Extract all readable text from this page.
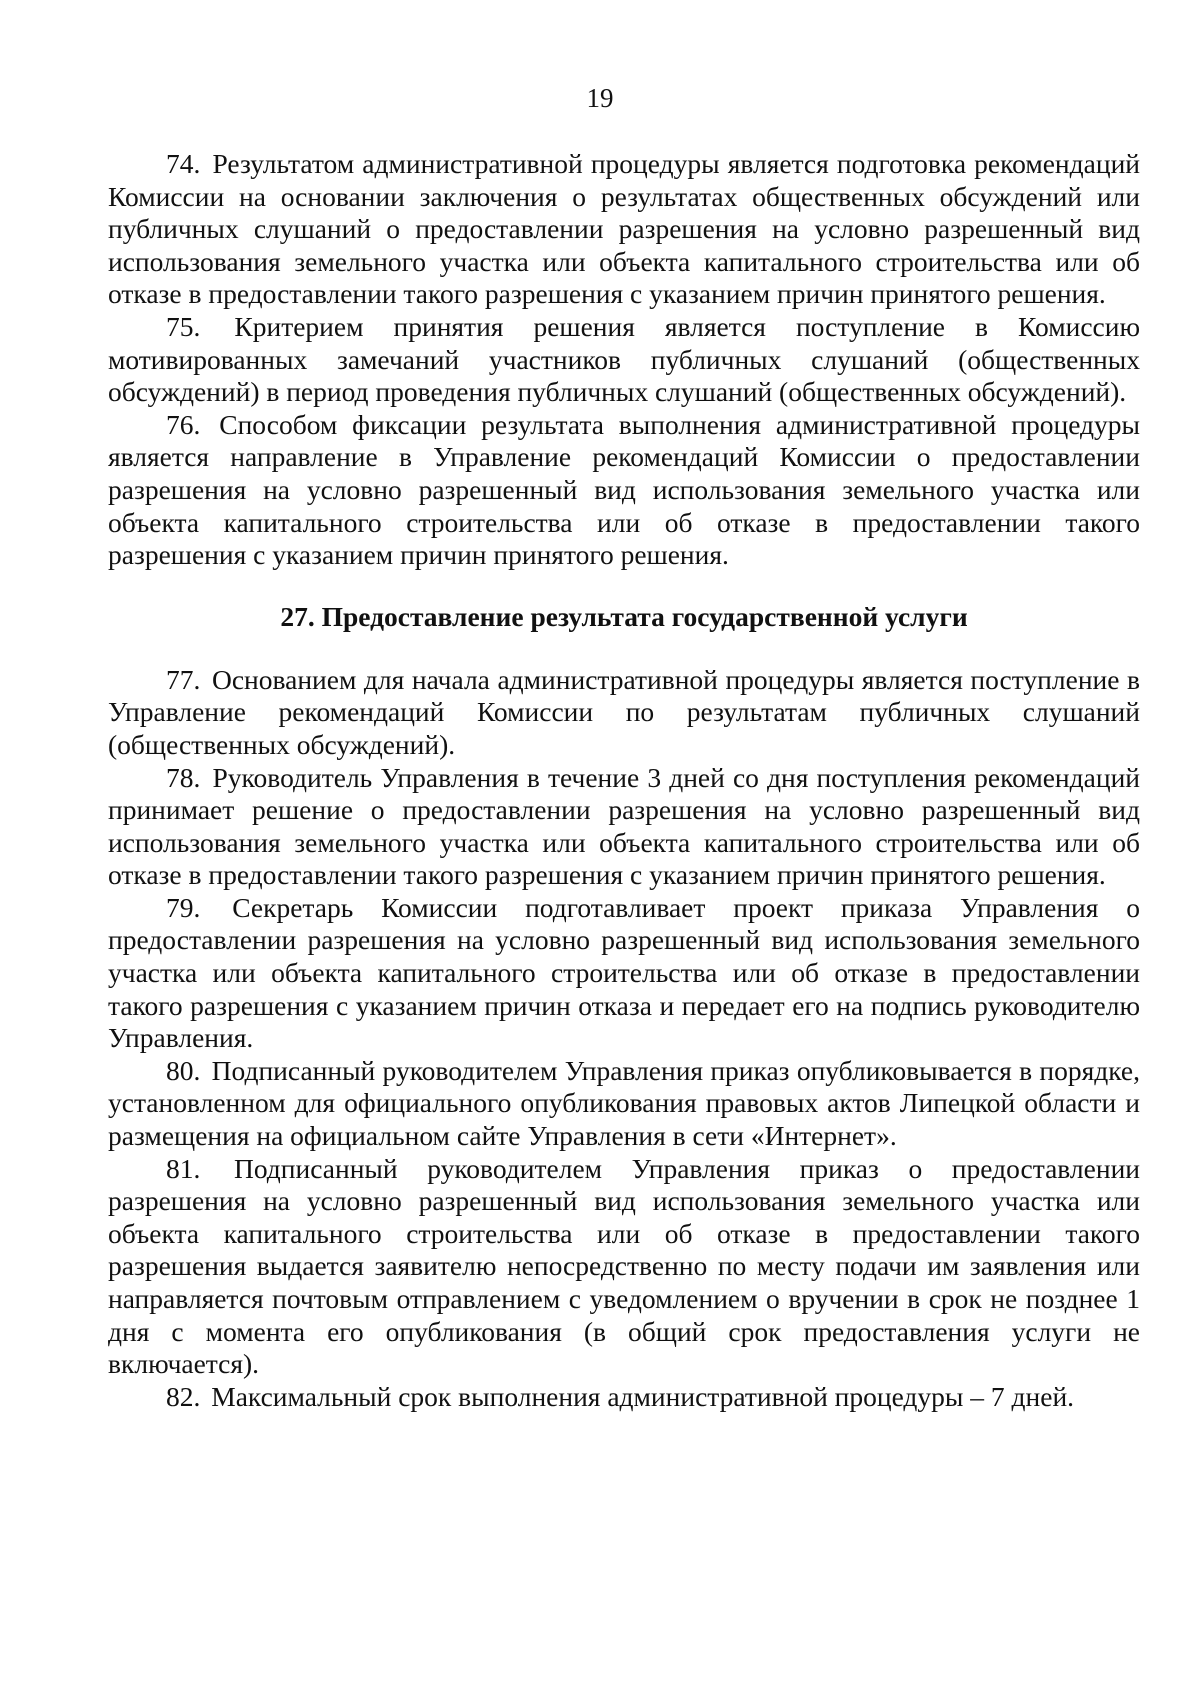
19

74. Результатом административной процедуры является подготовка рекомендаций Комиссии на основании заключения о результатах общественных обсуждений или публичных слушаний о предоставлении разрешения на условно разрешенный вид использования земельного участка или объекта капитального строительства или об отказе в предоставлении такого разрешения с указанием причин принятого решения.

75. Критерием принятия решения является поступление в Комиссию мотивированных замечаний участников публичных слушаний (общественных обсуждений) в период проведения публичных слушаний (общественных обсуждений).

76. Способом фиксации результата выполнения административной процедуры является направление в Управление рекомендаций Комиссии о предоставлении разрешения на условно разрешенный вид использования земельного участка или объекта капитального строительства или об отказе в предоставлении такого разрешения с указанием причин принятого решения.

27. Предоставление результата государственной услуги

77. Основанием для начала административной процедуры является поступление в Управление рекомендаций Комиссии по результатам публичных слушаний (общественных обсуждений).

78. Руководитель Управления в течение 3 дней со дня поступления рекомендаций принимает решение о предоставлении разрешения на условно разрешенный вид использования земельного участка или объекта капитального строительства или об отказе в предоставлении такого разрешения с указанием причин принятого решения.

79. Секретарь Комиссии подготавливает проект приказа Управления о предоставлении разрешения на условно разрешенный вид использования земельного участка или объекта капитального строительства или об отказе в предоставлении такого разрешения с указанием причин отказа и передает его на подпись руководителю Управления.

80. Подписанный руководителем Управления приказ опубликовывается в порядке, установленном для официального опубликования правовых актов Липецкой области и размещения на официальном сайте Управления в сети «Интернет».

81. Подписанный руководителем Управления приказ о предоставлении разрешения на условно разрешенный вид использования земельного участка или объекта капитального строительства или об отказе в предоставлении такого разрешения выдается заявителю непосредственно по месту подачи им заявления или направляется почтовым отправлением с уведомлением о вручении в срок не позднее 1 дня с момента его опубликования (в общий срок предоставления услуги не включается).

82. Максимальный срок выполнения административной процедуры – 7 дней.
